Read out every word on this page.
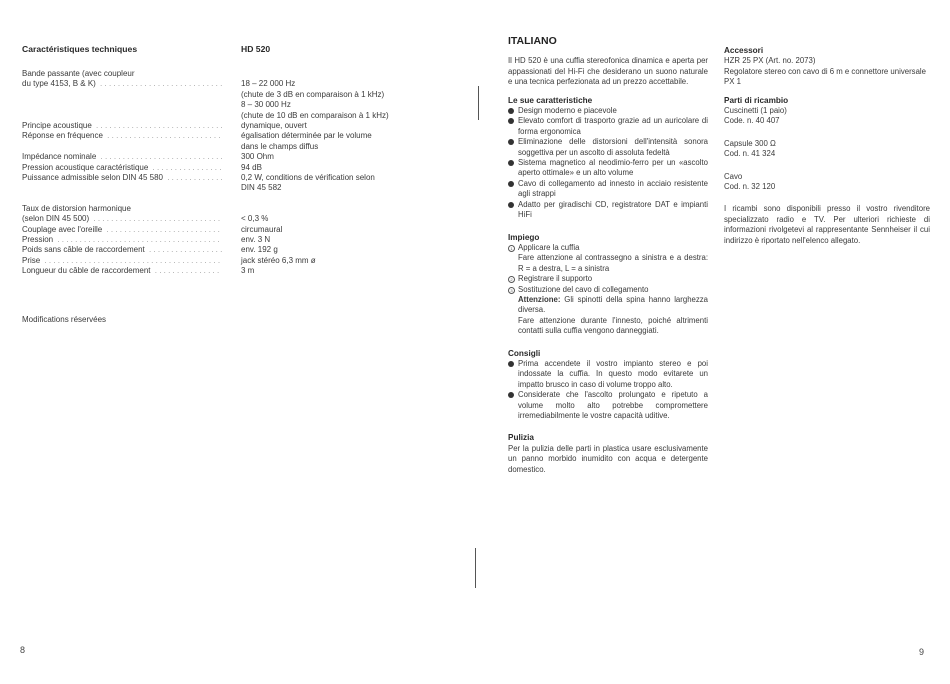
Caractéristiques techniques	HD 520
Bande passante (avec coupleur
du type 4153, B & K) . . .	18 – 22 000 Hz
(chute de 3 dB en comparaison à 1 kHz)
8 – 30 000 Hz
(chute de 10 dB en comparaison à 1 kHz)
Principe acoustique . . .	dynamique, ouvert
Réponse en fréquence . . .	égalisation déterminée par le volume
dans le champs diffus
Impédance nominale . . .	300 Ohm
Pression acoustique caractéristique . . .	94 dB
Puissance admissible selon DIN 45 580 . . .	0,2 W, conditions de vérification selon
DIN 45 582
Taux de distorsion harmonique
(selon DIN 45 500) . . .	< 0,3 %
Couplage avec l'oreille . . .	circumaural
Pression . . .	env. 3 N
Poids sans câble de raccordement . . .	env. 192 g
Prise . . .	jack stéréo 6,3 mm ø
Longueur du câble de raccordement . . .	3 m
Modifications réservées
8
ITALIANO

Il HD 520 è una cuffia stereofonica dinamica e aperta per appassionati del Hi-Fi che desiderano un suono naturale e una tecnica perfezionata ad un prezzo accettabile.

Le sue caratteristiche
Design moderno e piacevole
Elevato comfort di trasporto grazie ad un auricolare di forma ergonomica
Eliminazione delle distorsioni dell'intensità sonora soggettiva per un ascolto di assoluta fedeltà
Sistema magnetico al neodimio-ferro per un «ascolto aperto ottimale» e un alto volume
Cavo di collegamento ad innesto in acciaio resistente agli strappi
Adatto per giradischi CD, registratore DAT e impianti HiFi
Impiego
1 Applicare la cuffia
Fare attenzione al contrassegno a sinistra e a destra: R = a destra, L = a sinistra
2 Registrare il supporto
3 Sostituzione del cavo di collegamento
Attenzione: Gli spinotti della spina hanno larghezza diversa.
Fare attenzione durante l'innesto, poiché altrimenti contatti sulla cuffia vengono danneggiati.
Consigli
Prima accendete il vostro impianto stereo e poi indossate la cuffia. In questo modo evitarete un impatto brusco in caso di volume troppo alto.
Considerate che l'ascolto prolungato e ripetuto a volume molto alto potrebbe compromettere irremediabilmente le vostre capacità uditive.
Pulizia

Per la pulizia delle parti in plastica usare esclusivamente un panno morbido inumidito con acqua e detergente domestico.

Accessori

HZR 25 PX (Art. no. 2073)

Regolatore stereo con cavo di 6 m e connettore universale PX 1

Parti di ricambio

Cuscinetti (1 paio)

Code. n. 40 407

Capsule 300 Ω

Cod. n. 41 324

Cavo

Cod. n. 32 120

I ricambi sono disponibili presso il vostro rivenditore specializzato radio e TV. Per ulteriori richieste di informazioni rivolgetevi al rappresentante Sennheiser il cui indirizzo è riportato nell'elenco allegato.

9
